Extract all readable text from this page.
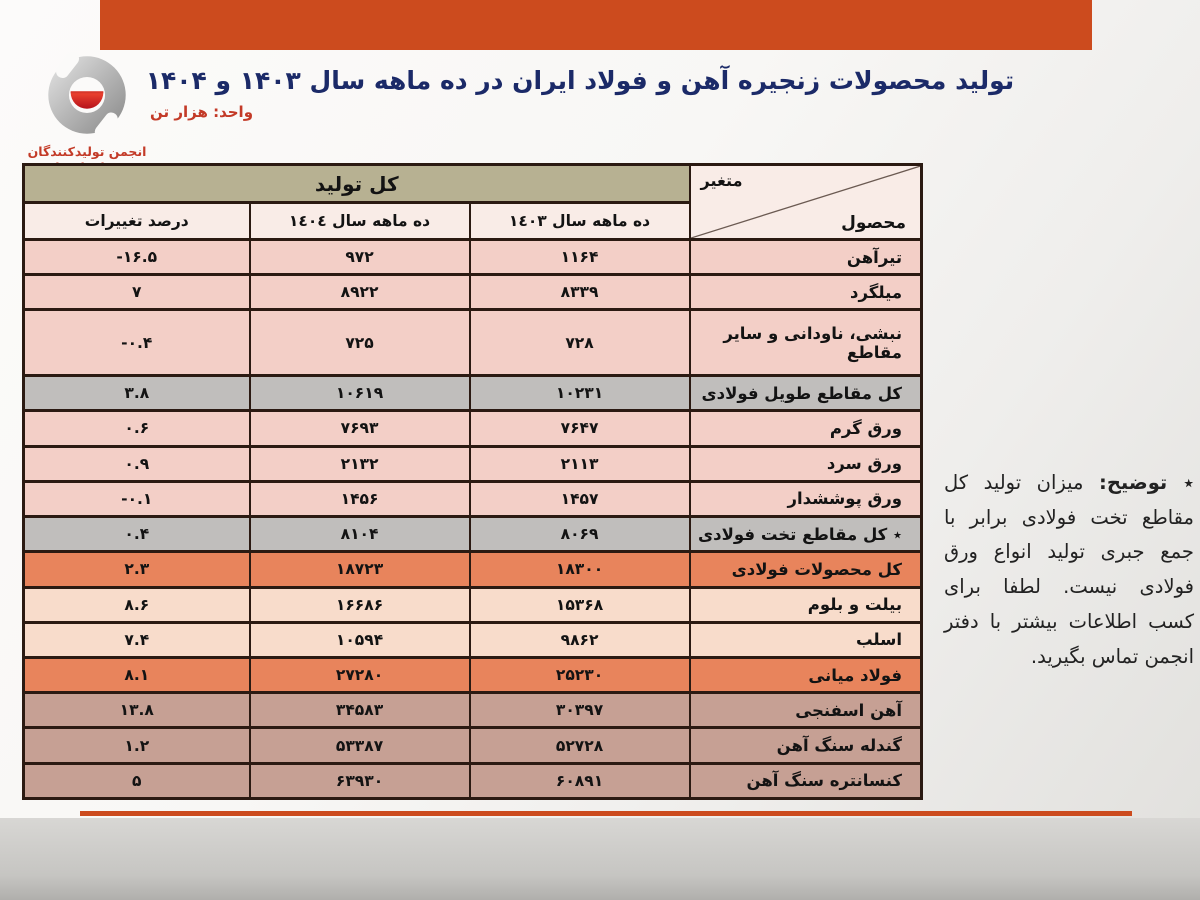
انجمن تولیدکنندگان
تولید محصولات زنجیره آهن و فولاد ایران در ده ماهه سال ۱۴۰۳ و ۱۴۰۴
واحد: هزار تن
متغیر
محصول	کل تولید		
	ده ماهه سال ١٤٠٣	ده ماهه سال ١٤٠٤	درصد تغییرات
تیرآهن	۱۱۶۴	۹۷۲	-۱۶.۵
میلگرد	۸۳۳۹	۸۹۲۲	۷
نبشی، ناودانی و سایر مقاطع	۷۲۸	۷۲۵	-۰.۴
کل مقاطع طویل فولادی	۱۰۲۳۱	۱۰۶۱۹	۳.۸
ورق گرم	۷۶۴۷	۷۶۹۳	۰.۶
ورق سرد	۲۱۱۳	۲۱۳۲	۰.۹
ورق پوششدار	۱۴۵۷	۱۴۵۶	-۰.۱
٭ کل مقاطع تخت فولادی	۸۰۶۹	۸۱۰۴	۰.۴
کل محصولات فولادی	۱۸۳۰۰	۱۸۷۲۳	۲.۳
بیلت و بلوم	۱۵۳۶۸	۱۶۶۸۶	۸.۶
اسلب	۹۸۶۲	۱۰۵۹۴	۷.۴
فولاد میانی	۲۵۲۳۰	۲۷۲۸۰	۸.۱
آهن اسفنجی	۳۰۳۹۷	۳۴۵۸۳	۱۳.۸
گندله سنگ آهن	۵۲۷۲۸	۵۳۳۸۷	۱.۲
کنسانتره سنگ آهن	۶۰۸۹۱	۶۳۹۳۰	۵
٭ توضیح: میزان تولید کل مقاطع تخت فولادی برابر با جمع جبری تولید انواع ورق فولادی نیست. لطفا برای کسب اطلاعات بیشتر با دفتر انجمن تماس بگیرید.
